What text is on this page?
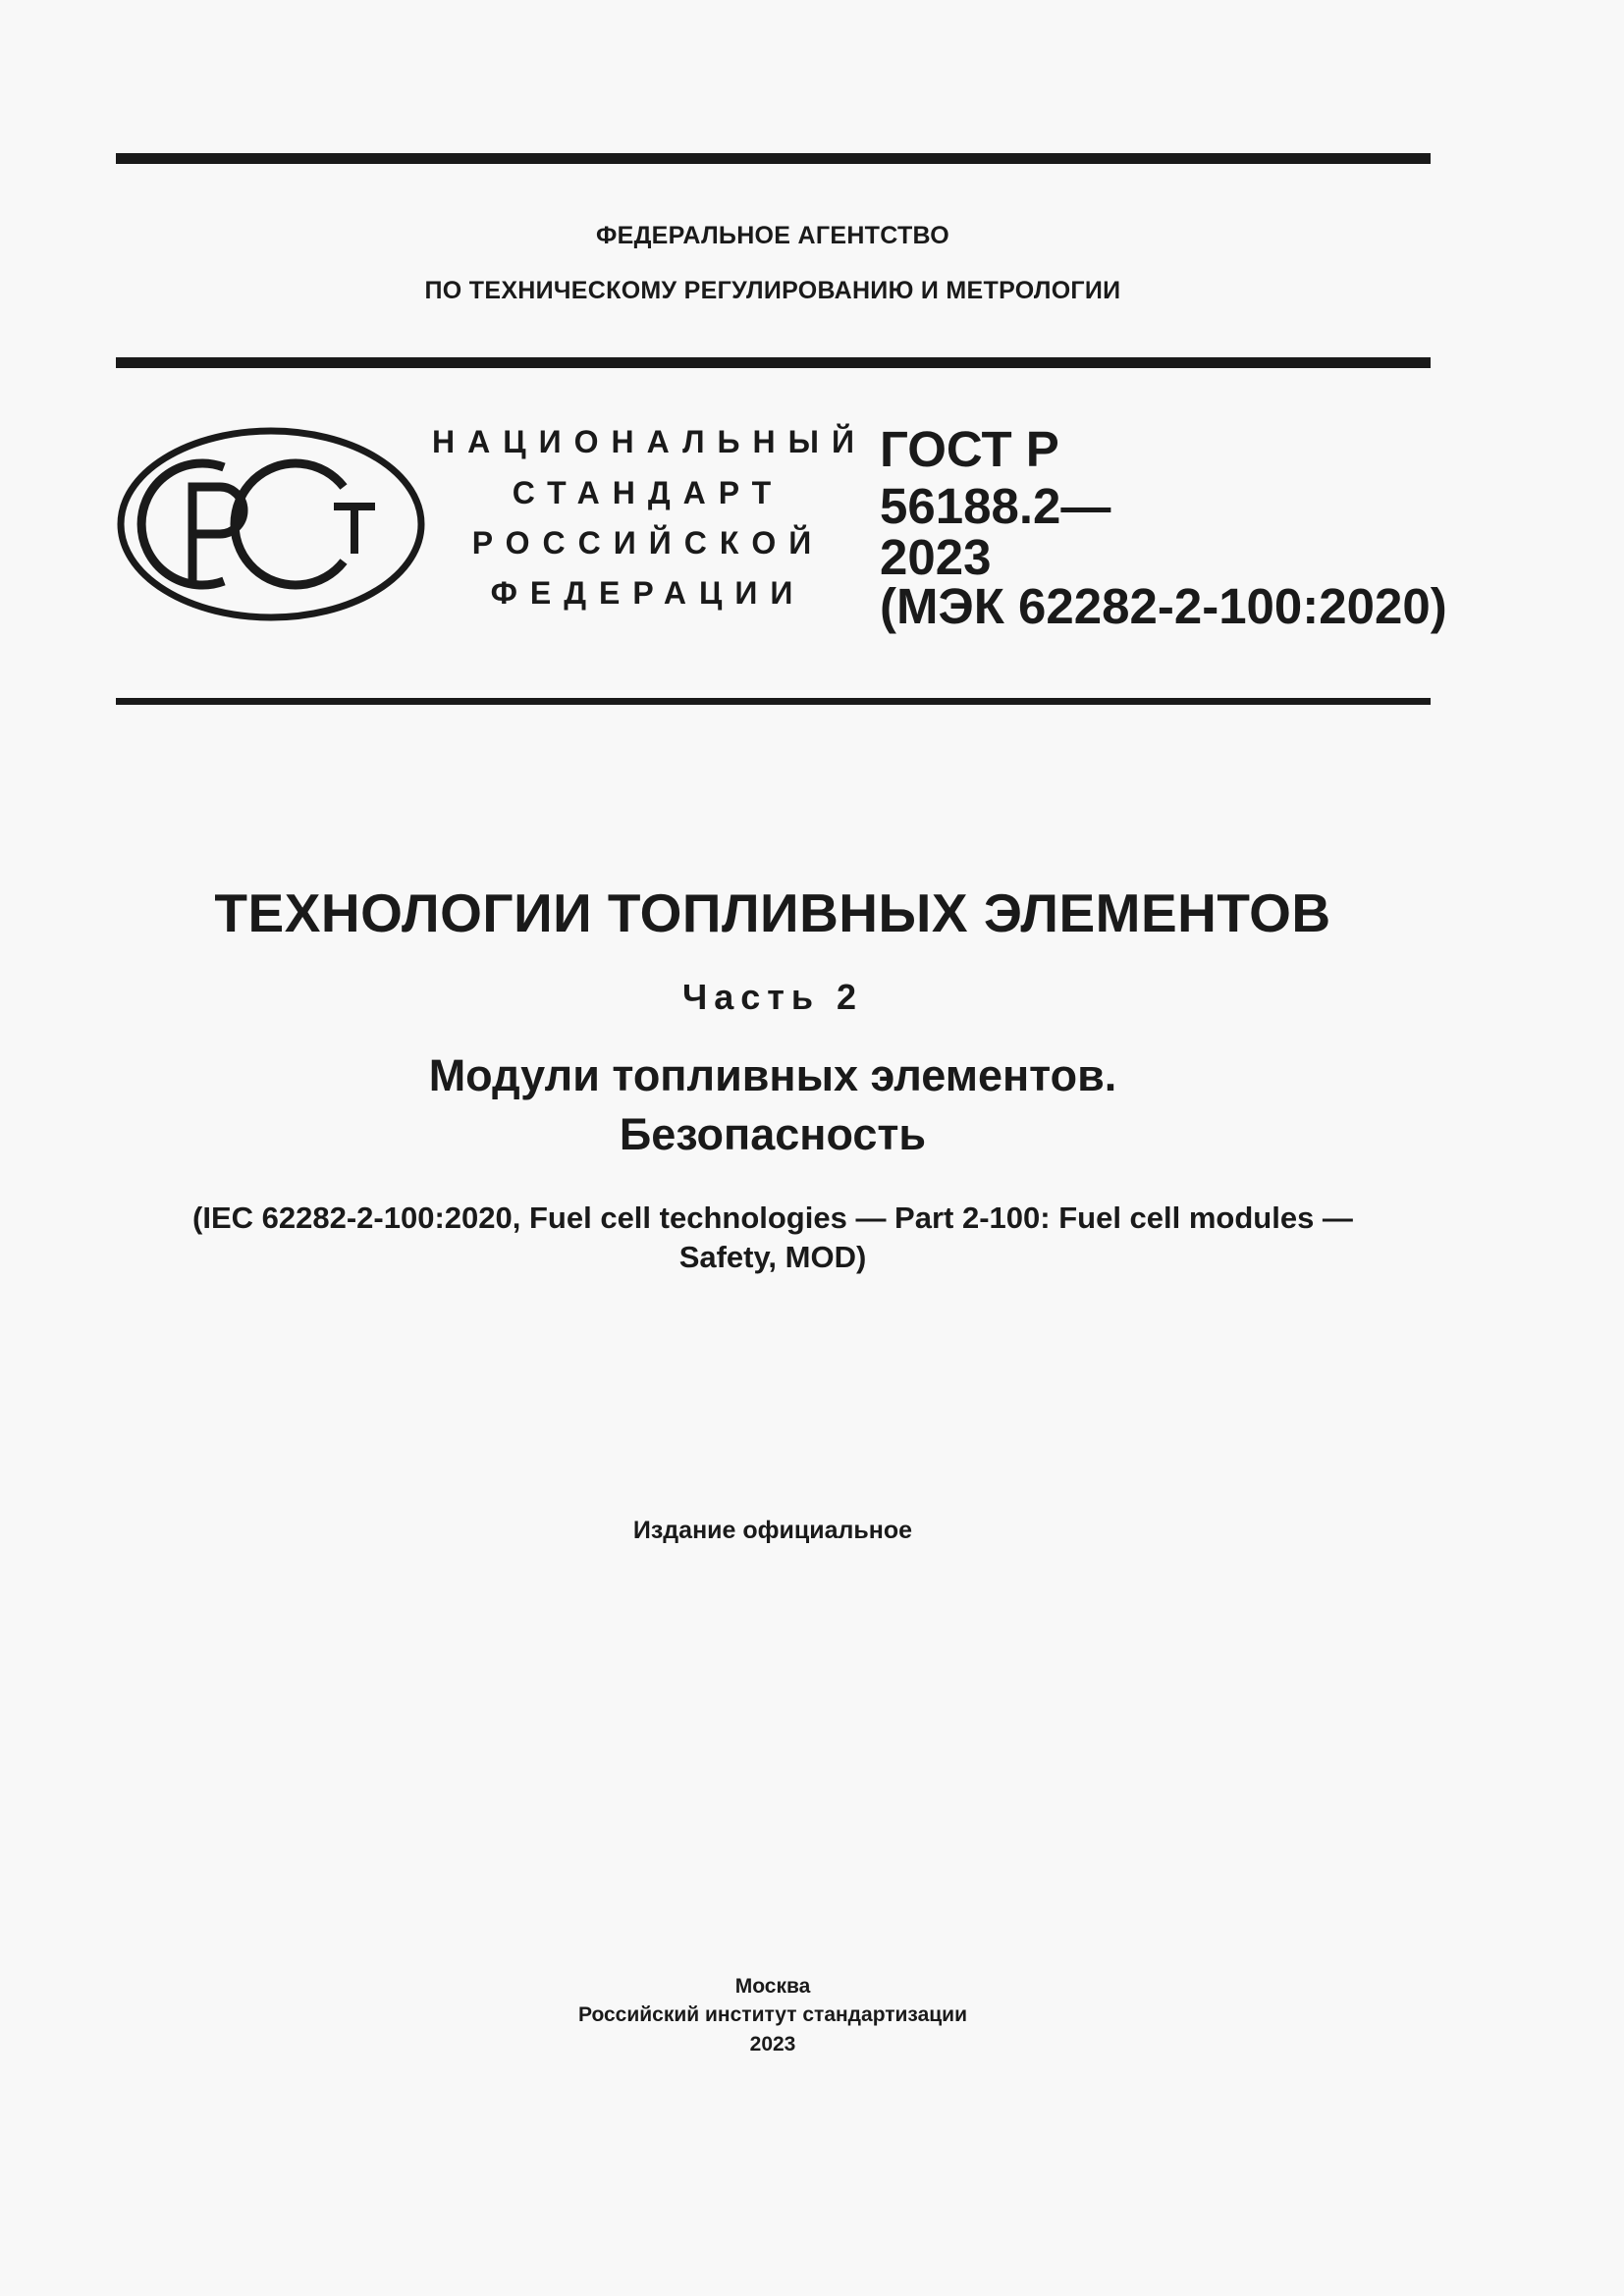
ФЕДЕРАЛЬНОЕ АГЕНТСТВО
ПО ТЕХНИЧЕСКОМУ РЕГУЛИРОВАНИЮ И МЕТРОЛОГИИ
НАЦИОНАЛЬНЫЙ
СТАНДАРТ
РОССИЙСКОЙ
ФЕДЕРАЦИИ
ГОСТ Р
56188.2—
2023
(МЭК 62282-2-100:2020)
ТЕХНОЛОГИИ ТОПЛИВНЫХ ЭЛЕМЕНТОВ
Часть 2
Модули топливных элементов.
Безопасность
(IEC 62282-2-100:2020, Fuel cell technologies — Part 2-100: Fuel cell modules —
Safety, MOD)
Издание официальное
Москва
Российский институт стандартизации
2023
